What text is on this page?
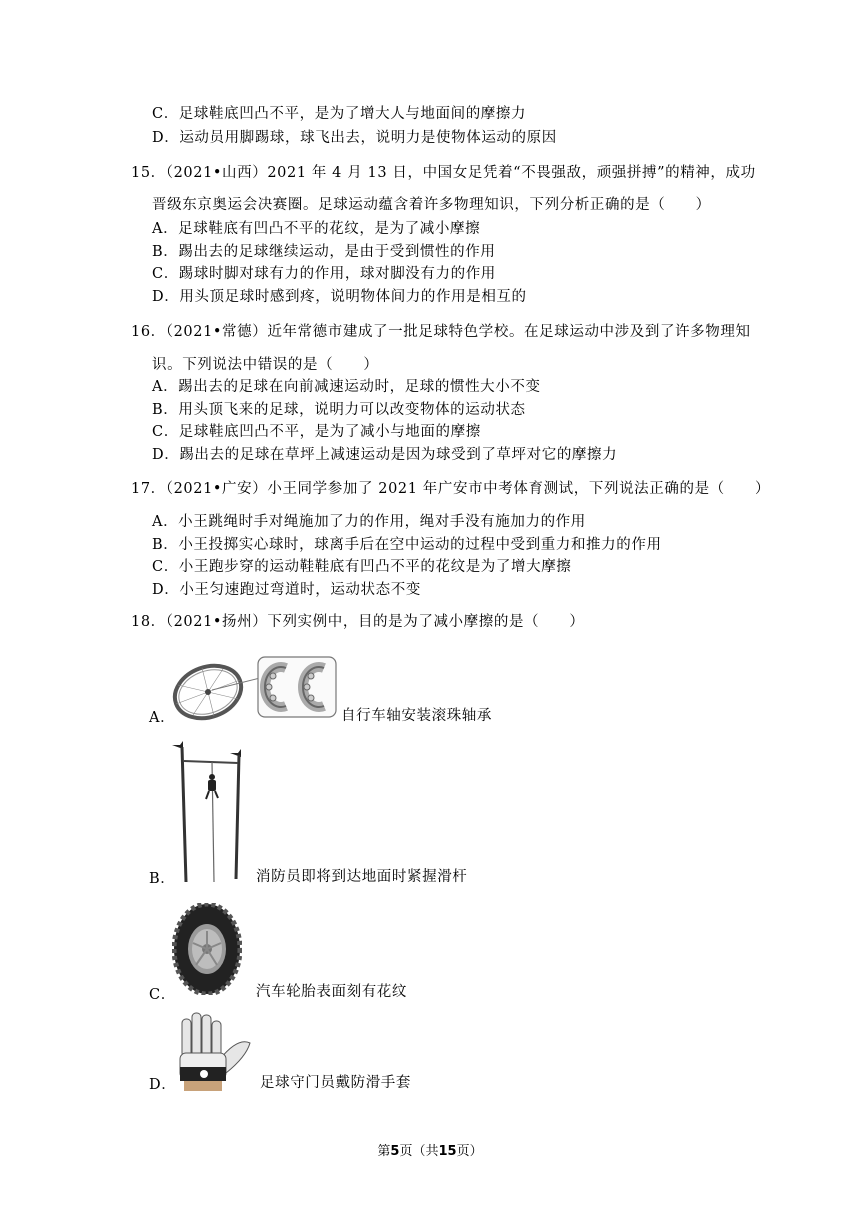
C．足球鞋底凹凸不平，是为了增大人与地面间的摩擦力
D．运动员用脚踢球，球飞出去，说明力是使物体运动的原因
15．（2021•山西）2021 年 4 月 13 日，中国女足凭着“不畏强敌，顽强拼搏”的精神，成功
晋级东京奥运会决赛圈。足球运动蕴含着许多物理知识，下列分析正确的是（　　）
A．足球鞋底有凹凸不平的花纹，是为了减小摩擦
B．踢出去的足球继续运动，是由于受到惯性的作用
C．踢球时脚对球有力的作用，球对脚没有力的作用
D．用头顶足球时感到疼，说明物体间力的作用是相互的
16．（2021•常德）近年常德市建成了一批足球特色学校。在足球运动中涉及到了许多物理知
识。下列说法中错误的是（　　）
A．踢出去的足球在向前减速运动时，足球的惯性大小不变
B．用头顶飞来的足球，说明力可以改变物体的运动状态
C．足球鞋底凹凸不平，是为了减小与地面的摩擦
D．踢出去的足球在草坪上减速运动是因为球受到了草坪对它的摩擦力
17．（2021•广安）小王同学参加了 2021 年广安市中考体育测试，下列说法正确的是（　　）
A．小王跳绳时手对绳施加了力的作用，绳对手没有施加力的作用
B．小王投掷实心球时，球离手后在空中运动的过程中受到重力和推力的作用
C．小王跑步穿的运动鞋鞋底有凹凸不平的花纹是为了增大摩擦
D．小王匀速跑过弯道时，运动状态不变
18．（2021•扬州）下列实例中，目的是为了减小摩擦的是（　　）
A．	自行车轴安装滚珠轴承
B．	消防员即将到达地面时紧握滑杆
C．	汽车轮胎表面刻有花纹
D．	足球守门员戴防滑手套
第5页（共15页）
